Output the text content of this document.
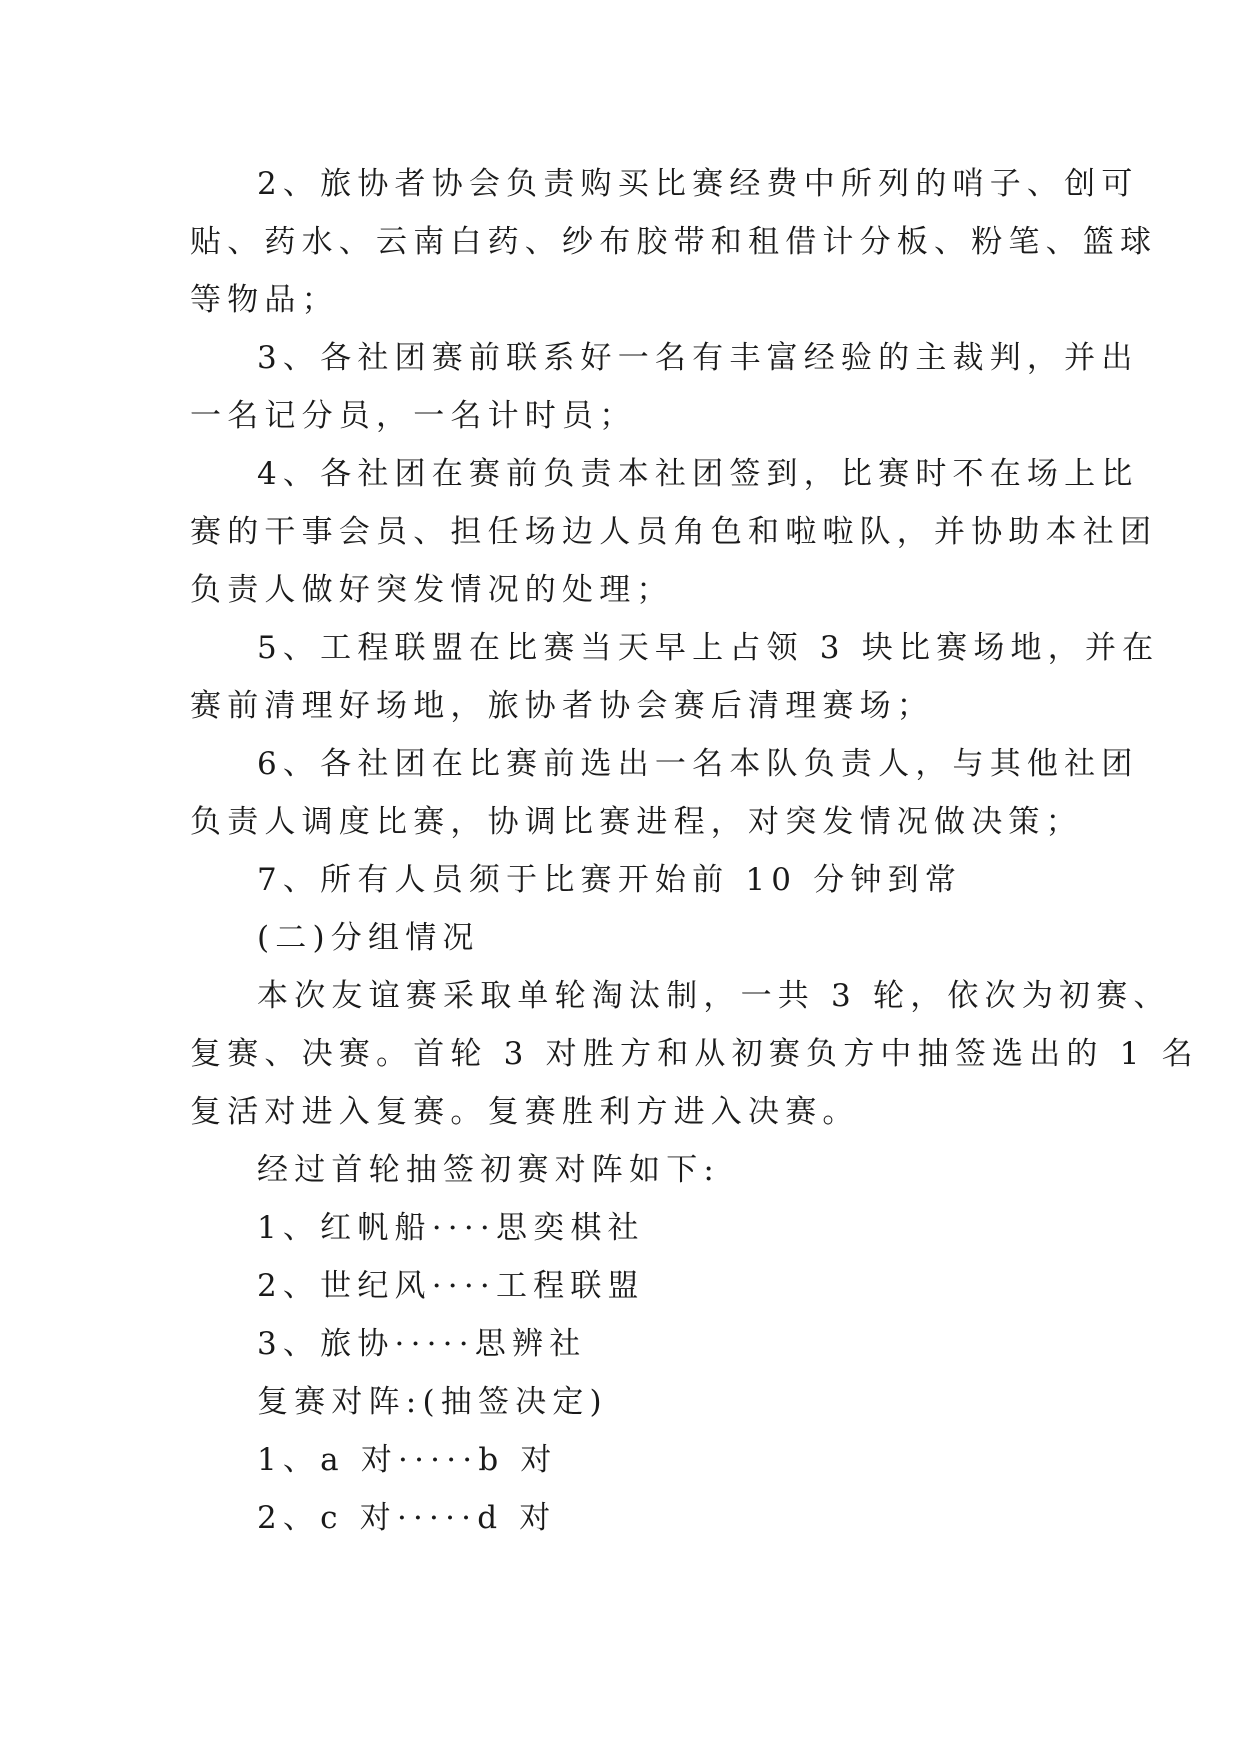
2、旅协者协会负责购买比赛经费中所列的哨子、创可
贴、药水、云南白药、纱布胶带和租借计分板、粉笔、篮球
等物品；
3、各社团赛前联系好一名有丰富经验的主裁判，并出
一名记分员，一名计时员；
4、各社团在赛前负责本社团签到，比赛时不在场上比
赛的干事会员、担任场边人员角色和啦啦队，并协助本社团
负责人做好突发情况的处理；
5、工程联盟在比赛当天早上占领 3 块比赛场地，并在
赛前清理好场地，旅协者协会赛后清理赛场；
6、各社团在比赛前选出一名本队负责人，与其他社团
负责人调度比赛，协调比赛进程，对突发情况做决策；
7、所有人员须于比赛开始前 10 分钟到常
(二)分组情况
本次友谊赛采取单轮淘汰制，一共 3 轮，依次为初赛、
复赛、决赛。首轮 3 对胜方和从初赛负方中抽签选出的 1 名
复活对进入复赛。复赛胜利方进入决赛。
经过首轮抽签初赛对阵如下:
1、红帆船····思奕棋社
2、世纪风····工程联盟
3、旅协·····思辨社
复赛对阵:(抽签决定)
1、a 对·····b 对
2、c 对·····d 对
